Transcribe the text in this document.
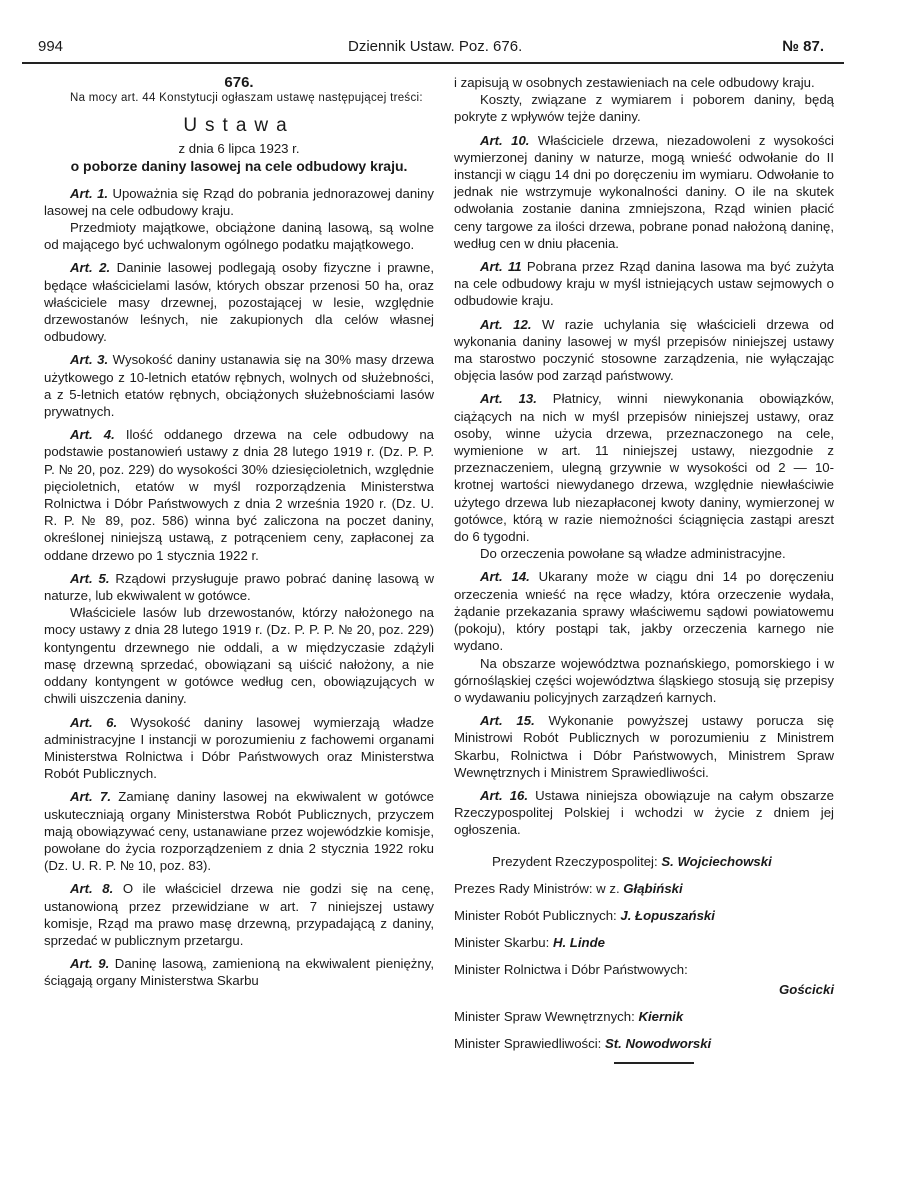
994	Dziennik Ustaw. Poz. 676.	№ 87.

676.

Na mocy art. 44 Konstytucji ogłaszam ustawę następującej treści:

Ustawa

z dnia 6 lipca 1923 r.

o poborze daniny lasowej na cele odbudowy kraju.

Art. 1. Upoważnia się Rząd do pobrania jednorazowej daniny lasowej na cele odbudowy kraju.

Przedmioty majątkowe, obciążone daniną lasową, są wolne od mającego być uchwalonym ogólnego podatku majątkowego.

Art. 2. Daninie lasowej podlegają osoby fizyczne i prawne, będące właścicielami lasów, których obszar przenosi 50 ha, oraz właściciele masy drzewnej, pozostającej w lesie, względnie drzewostanów leśnych, nie zakupionych dla celów własnej odbudowy.

Art. 3. Wysokość daniny ustanawia się na 30% masy drzewa użytkowego z 10-letnich etatów rębnych, wolnych od służebności, a z 5-letnich etatów rębnych, obciążonych służebnościami lasów prywatnych.

Art. 4. Ilość oddanego drzewa na cele odbudowy na podstawie postanowień ustawy z dnia 28 lutego 1919 r. (Dz. P. P. P. № 20, poz. 229) do wysokości 30% dziesięcioletnich, względnie pięcioletnich, etatów w myśl rozporządzenia Ministerstwa Rolnictwa i Dóbr Państwowych z dnia 2 września 1920 r. (Dz. U. R. P. № 89, poz. 586) winna być zaliczona na poczet daniny, określonej niniejszą ustawą, z potrąceniem ceny, zapłaconej za oddane drzewo po 1 stycznia 1922 r.

Art. 5. Rządowi przysługuje prawo pobrać daninę lasową w naturze, lub ekwiwalent w gotówce.

Właściciele lasów lub drzewostanów, którzy nałożonego na mocy ustawy z dnia 28 lutego 1919 r. (Dz. P. P. P. № 20, poz. 229) kontyngentu drzewnego nie oddali, a w międzyczasie zdążyli masę drzewną sprzedać, obowiązani są uiścić nałożony, a nie oddany kontyngent w gotówce według cen, obowiązujących w chwili uiszczenia daniny.

Art. 6. Wysokość daniny lasowej wymierzają władze administracyjne I instancji w porozumieniu z fachowemi organami Ministerstwa Rolnictwa i Dóbr Państwowych oraz Ministerstwa Robót Publicznych.

Art. 7. Zamianę daniny lasowej na ekwiwalent w gotówce uskuteczniają organy Ministerstwa Robót Publicznych, przyczem mają obowiązywać ceny, ustanawiane przez wojewódzkie komisje, powołane do życia rozporządzeniem z dnia 2 stycznia 1922 roku (Dz. U. R. P. № 10, poz. 83).

Art. 8. O ile właściciel drzewa nie godzi się na cenę, ustanowioną przez przewidziane w art. 7 niniejszej ustawy komisje, Rząd ma prawo masę drzewną, przypadającą z daniny, sprzedać w publicznym przetargu.

Art. 9. Daninę lasową, zamienioną na ekwiwalent pieniężny, ściągają organy Ministerstwa Skarbu

i zapisują w osobnych zestawieniach na cele odbudowy kraju.

Koszty, związane z wymiarem i poborem daniny, będą pokryte z wpływów tejże daniny.

Art. 10. Właściciele drzewa, niezadowoleni z wysokości wymierzonej daniny w naturze, mogą wnieść odwołanie do II instancji w ciągu 14 dni po doręczeniu im wymiaru. Odwołanie to jednak nie wstrzymuje wykonalności daniny. O ile na skutek odwołania zostanie danina zmniejszona, Rząd winien płacić ceny targowe za ilości drzewa, pobrane ponad nałożoną daninę, według cen w dniu płacenia.

Art. 11 Pobrana przez Rząd danina lasowa ma być zużyta na cele odbudowy kraju w myśl istniejących ustaw sejmowych o odbudowie kraju.

Art. 12. W razie uchylania się właścicieli drzewa od wykonania daniny lasowej w myśl przepisów niniejszej ustawy ma starostwo poczynić stosowne zarządzenia, nie wyłączając objęcia lasów pod zarząd państwowy.

Art. 13. Płatnicy, winni niewykonania obowiązków, ciążących na nich w myśl przepisów niniejszej ustawy, oraz osoby, winne użycia drzewa, przeznaczonego na cele, wymienione w art. 11 niniejszej ustawy, niezgodnie z przeznaczeniem, ulegną grzywnie w wysokości od 2 — 10-krotnej wartości niewydanego drzewa, względnie niewłaściwie użytego drzewa lub niezapłaconej kwoty daniny, wymierzonej w gotówce, którą w razie niemożności ściągnięcia zastąpi areszt do 6 tygodni.

Do orzeczenia powołane są władze administracyjne.

Art. 14. Ukarany może w ciągu dni 14 po doręczeniu orzeczenia wnieść na ręce władzy, która orzeczenie wydała, żądanie przekazania sprawy właściwemu sądowi powiatowemu (pokoju), który postąpi tak, jakby orzeczenia karnego nie wydano.

Na obszarze województwa poznańskiego, pomorskiego i w górnośląskiej części województwa śląskiego stosują się przepisy o wydawaniu policyjnych zarządzeń karnych.

Art. 15. Wykonanie powyższej ustawy porucza się Ministrowi Robót Publicznych w porozumieniu z Ministrem Skarbu, Rolnictwa i Dóbr Państwowych, Ministrem Spraw Wewnętrznych i Ministrem Sprawiedliwości.

Art. 16. Ustawa niniejsza obowiązuje na całym obszarze Rzeczypospolitej Polskiej i wchodzi w życie z dniem jej ogłoszenia.

Prezydent Rzeczypospolitej: S. Wojciechowski

Prezes Rady Ministrów: w z. Głąbiński

Minister Robót Publicznych: J. Łopuszański

Minister Skarbu: H. Linde

Minister Rolnictwa i Dóbr Państwowych:

Gościcki

Minister Spraw Wewnętrznych: Kiernik

Minister Sprawiedliwości: St. Nowodworski
